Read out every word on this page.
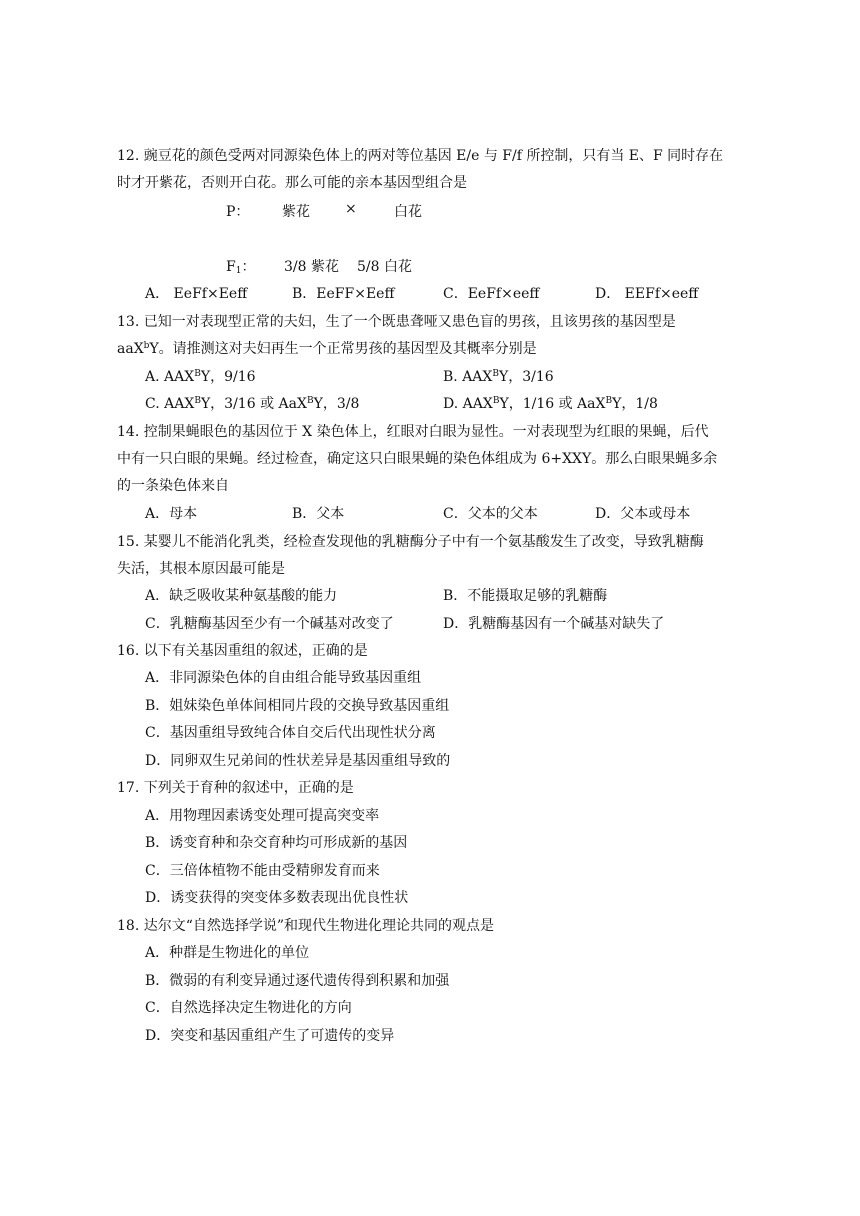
12. 豌豆花的颜色受两对同源染色体上的两对等位基因 E/e 与 F/f 所控制，只有当 E、F 同时存在
时才开紫花，否则开白花。那么可能的亲本基因型组合是
P： 紫花	×	白花
$F_1$： 3/8 紫花 5/8 白花
A． EeFf×Eeff	B．EeFF×Eeff	C．EeFf×eeff	D． EEFf×eeff
13. 已知一对表现型正常的夫妇，生了一个既患聋哑又患色盲的男孩，且该男孩的基因型是
aaX$^b$Y。请推测这对夫妇再生一个正常男孩的基因型及其概率分别是
A. $AAX^BY$，9/16	B. $AAX^BY$，3/16
C. $AAX^BY$，3/16 或 AaX$^B$Y，3/8	D. $AAX^BY$，1/16 或 AaX$^B$Y，1/8
14. 控制果蝇眼色的基因位于 X 染色体上，红眼对白眼为显性。一对表现型为红眼的果蝇，后代
中有一只白眼的果蝇。经过检查，确定这只白眼果蝇的染色体组成为 6+XXY。那么白眼果蝇多余
的一条染色体来自
A．母本	B．父本	C．父本的父本	D．父本或母本
15. 某婴儿不能消化乳类，经检查发现他的乳糖酶分子中有一个氨基酸发生了改变，导致乳糖酶
失活，其根本原因最可能是
A．缺乏吸收某种氨基酸的能力	B．不能摄取足够的乳糖酶
C．乳糖酶基因至少有一个碱基对改变了	D．乳糖酶基因有一个碱基对缺失了
16. 以下有关基因重组的叙述，正确的是
A．非同源染色体的自由组合能导致基因重组
B．姐妹染色单体间相同片段的交换导致基因重组
C．基因重组导致纯合体自交后代出现性状分离
D．同卵双生兄弟间的性状差异是基因重组导致的
17. 下列关于育种的叙述中，正确的是
A．用物理因素诱变处理可提高突变率
B．诱变育种和杂交育种均可形成新的基因
C．三倍体植物不能由受精卵发育而来
D．诱变获得的突变体多数表现出优良性状
18. 达尔文“自然选择学说”和现代生物进化理论共同的观点是
A．种群是生物进化的单位
B．微弱的有利变异通过逐代遗传得到积累和加强
C．自然选择决定生物进化的方向
D．突变和基因重组产生了可遗传的变异
